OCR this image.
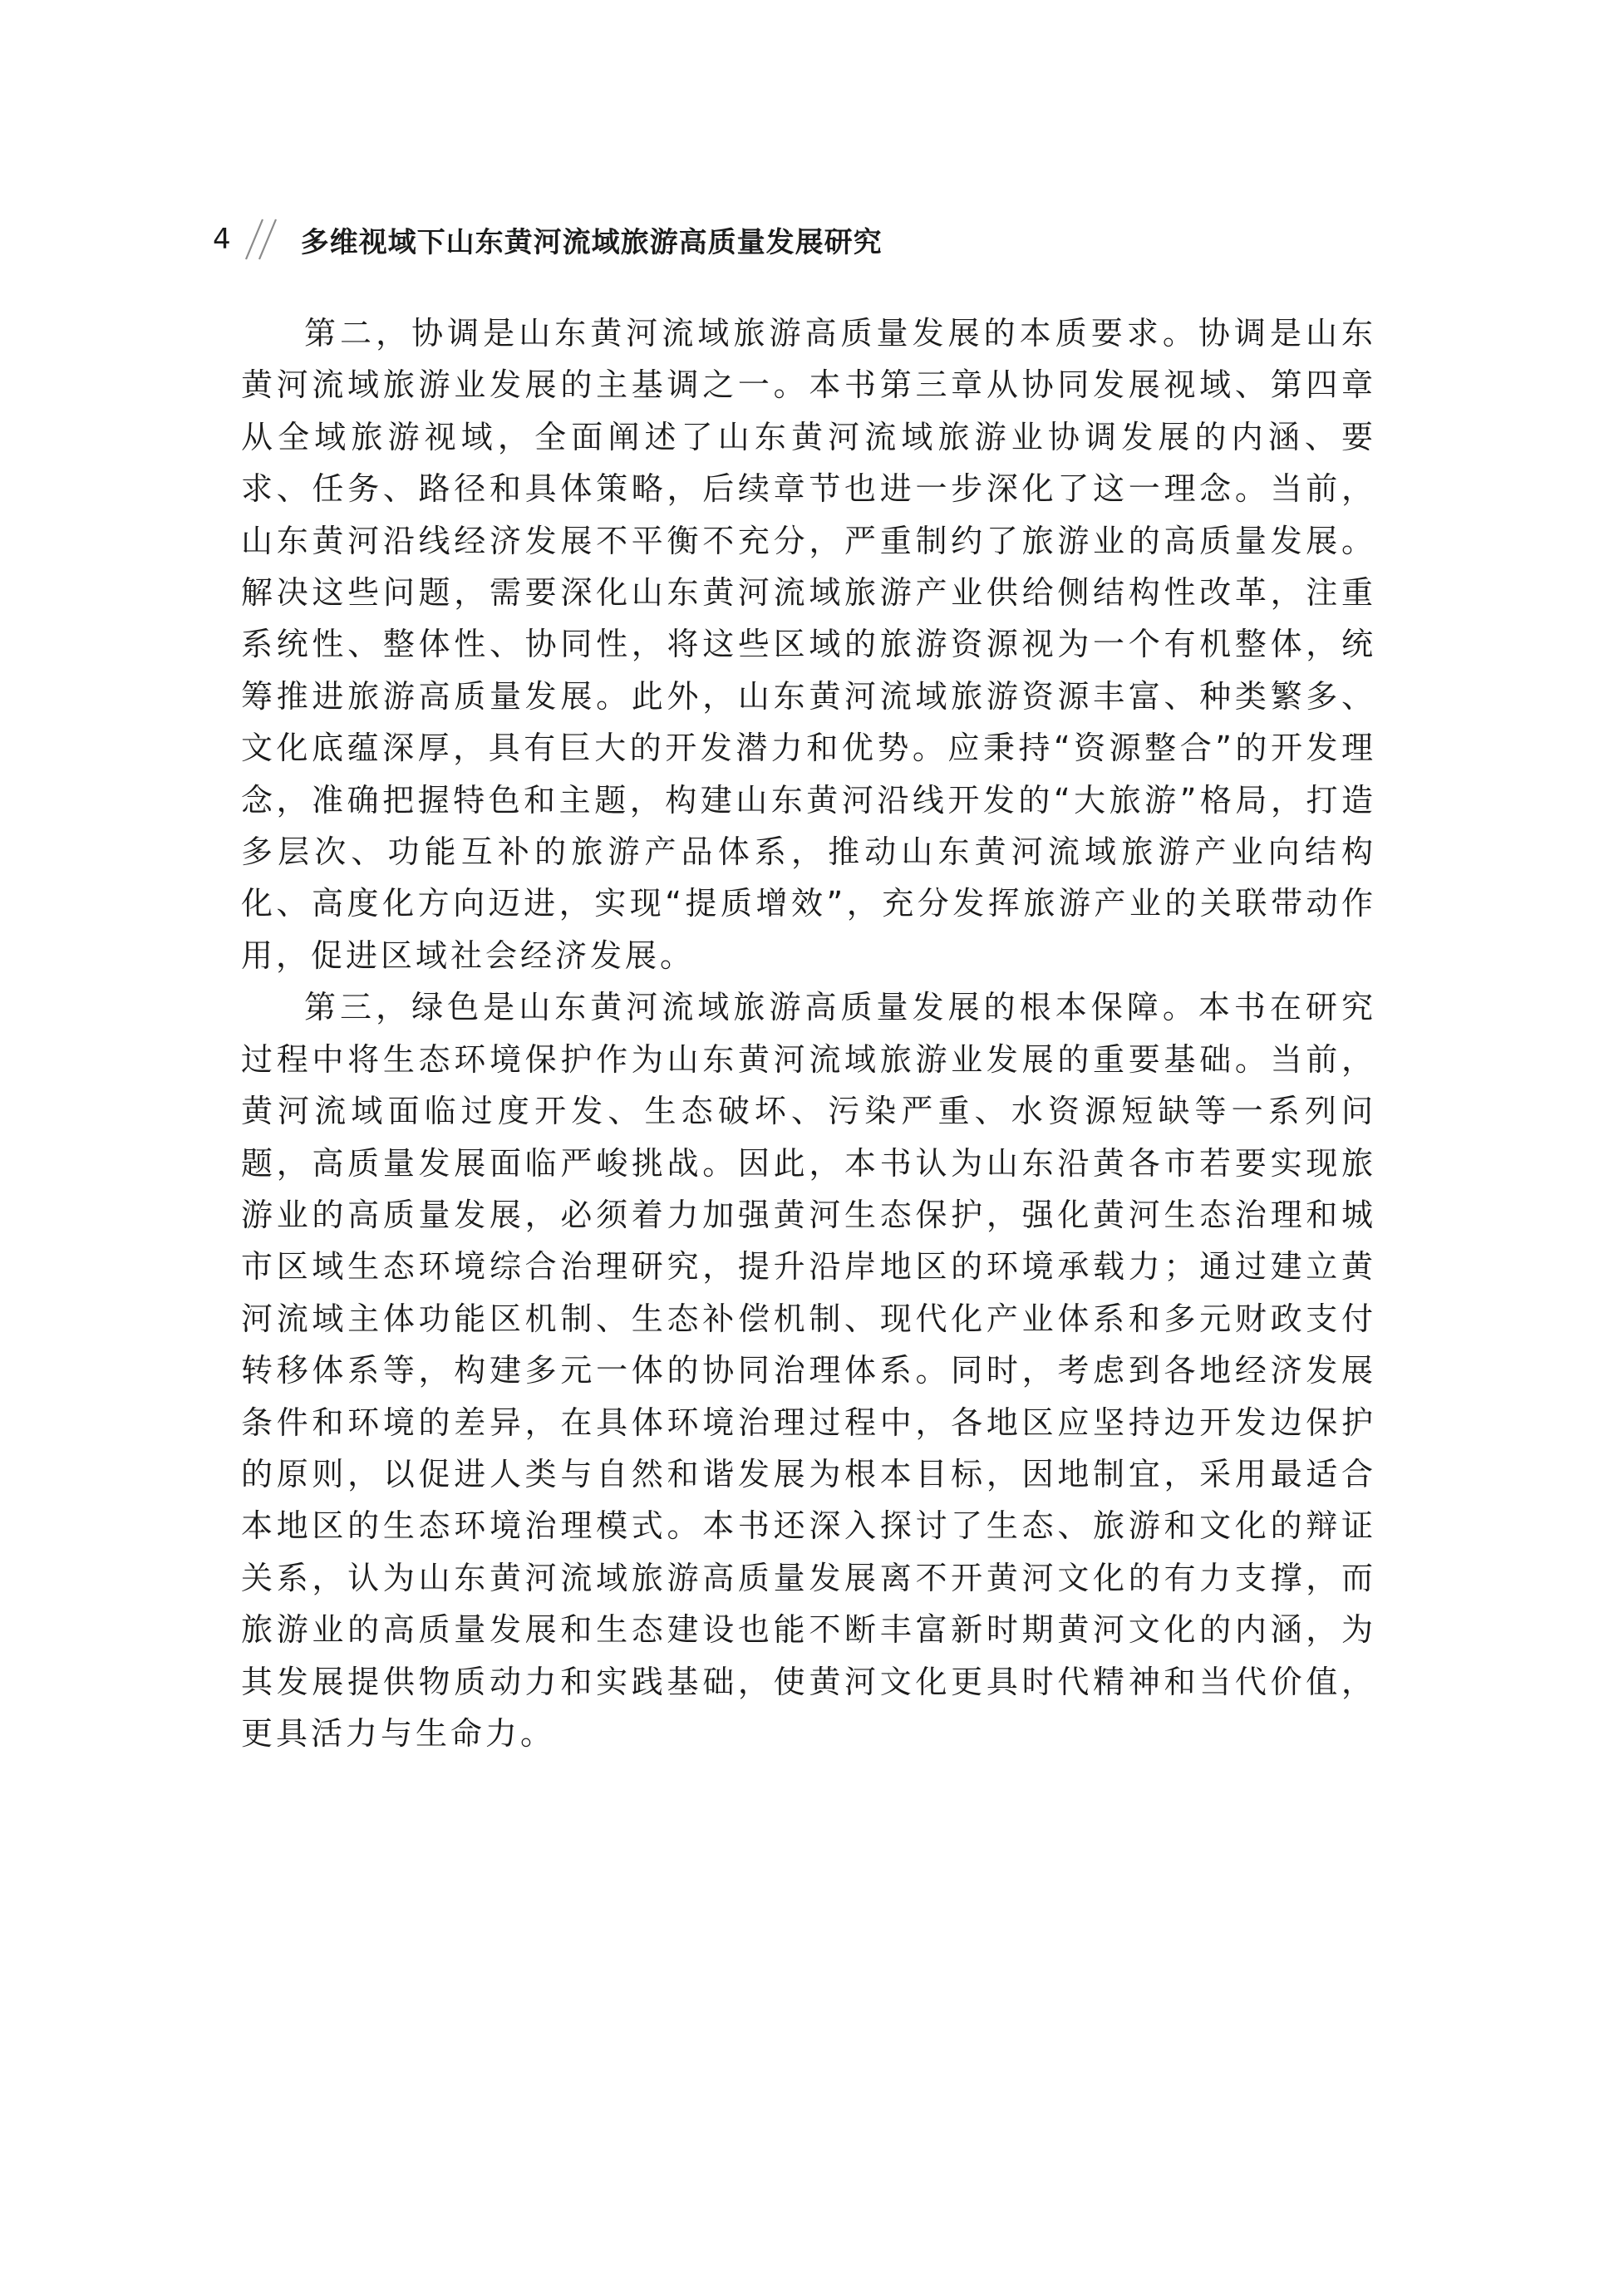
4 多维视域下山东黄河流域旅游高质量发展研究

第二，协调是山东黄河流域旅游高质量发展的本质要求。协调是山东黄河流域旅游业发展的主基调之一。本书第三章从协同发展视域、第四章从全域旅游视域，全面阐述了山东黄河流域旅游业协调发展的内涵、要求、任务、路径和具体策略，后续章节也进一步深化了这一理念。当前，山东黄河沿线经济发展不平衡不充分，严重制约了旅游业的高质量发展。解决这些问题，需要深化山东黄河流域旅游产业供给侧结构性改革，注重系统性、整体性、协同性，将这些区域的旅游资源视为一个有机整体，统筹推进旅游高质量发展。此外，山东黄河流域旅游资源丰富、种类繁多、文化底蕴深厚，具有巨大的开发潜力和优势。应秉持“资源整合”的开发理念，准确把握特色和主题，构建山东黄河沿线开发的“大旅游”格局，打造多层次、功能互补的旅游产品体系，推动山东黄河流域旅游产业向结构化、高度化方向迈进，实现“提质增效”，充分发挥旅游产业的关联带动作用，促进区域社会经济发展。

第三，绿色是山东黄河流域旅游高质量发展的根本保障。本书在研究过程中将生态环境保护作为山东黄河流域旅游业发展的重要基础。当前，黄河流域面临过度开发、生态破坏、污染严重、水资源短缺等一系列问题，高质量发展面临严峻挑战。因此，本书认为山东沿黄各市若要实现旅游业的高质量发展，必须着力加强黄河生态保护，强化黄河生态治理和城市区域生态环境综合治理研究，提升沿岸地区的环境承载力；通过建立黄河流域主体功能区机制、生态补偿机制、现代化产业体系和多元财政支付转移体系等，构建多元一体的协同治理体系。同时，考虑到各地经济发展条件和环境的差异，在具体环境治理过程中，各地区应坚持边开发边保护的原则，以促进人类与自然和谐发展为根本目标，因地制宜，采用最适合本地区的生态环境治理模式。本书还深入探讨了生态、旅游和文化的辩证关系，认为山东黄河流域旅游高质量发展离不开黄河文化的有力支撑，而旅游业的高质量发展和生态建设也能不断丰富新时期黄河文化的内涵，为其发展提供物质动力和实践基础，使黄河文化更具时代精神和当代价值，更具活力与生命力。
